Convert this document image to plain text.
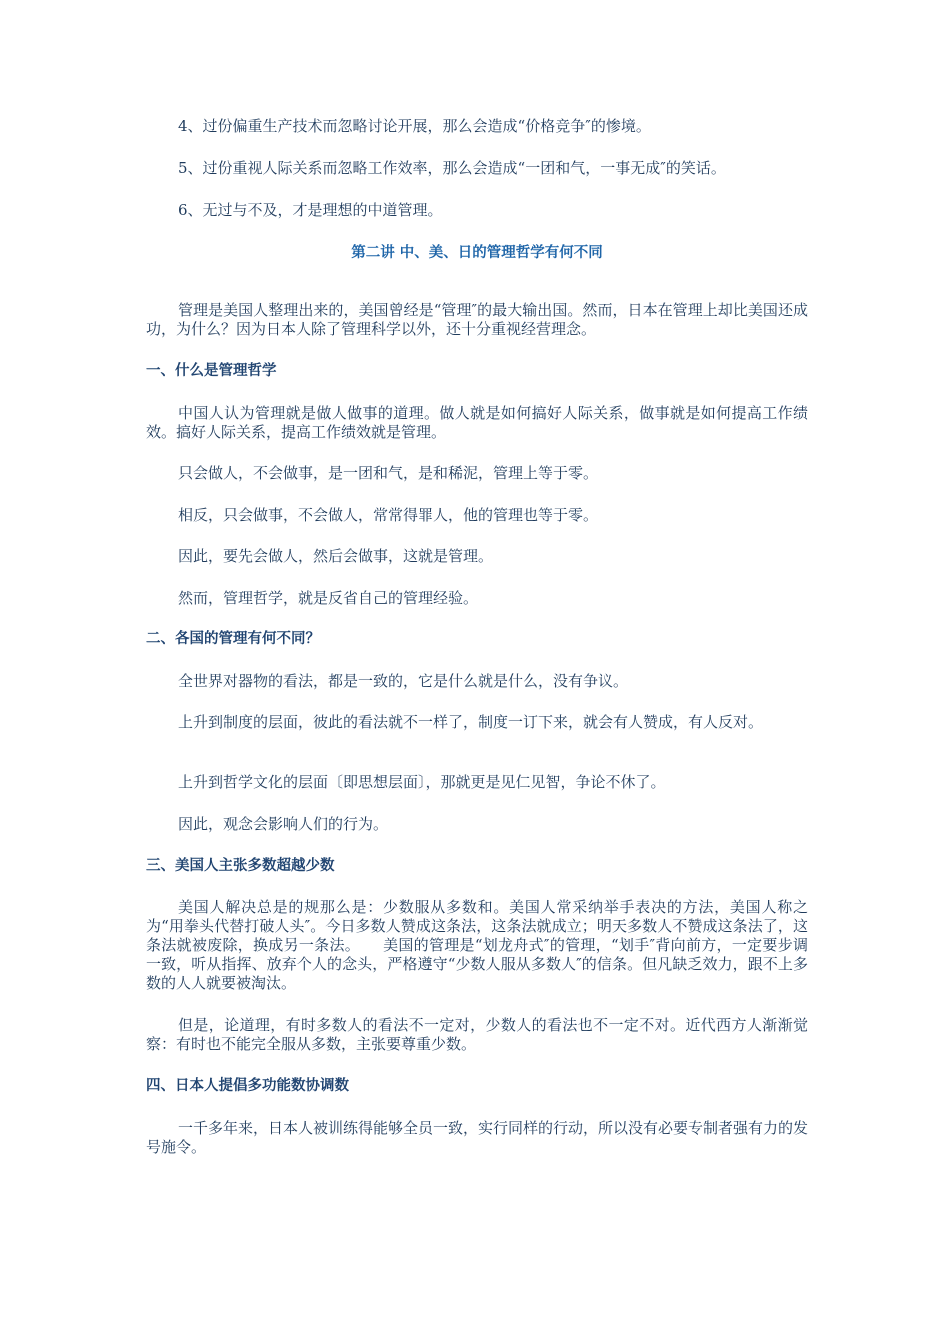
4、过份偏重生产技术而忽略讨论开展，那么会造成“价格竞争″的惨境。

5、过份重视人际关系而忽略工作效率，那么会造成“一团和气，一事无成″的笑话。

6、无过与不及，才是理想的中道管理。

第二讲 中、美、日的管理哲学有何不同

管理是美国人整理出来的，美国曾经是“管理″的最大输出国。然而，日本在管理上却比美国还成功，为什么？因为日本人除了管理科学以外，还十分重视经营理念。

一、什么是管理哲学

中国人认为管理就是做人做事的道理。做人就是如何搞好人际关系，做事就是如何提高工作绩效。搞好人际关系，提高工作绩效就是管理。

只会做人，不会做事，是一团和气，是和稀泥，管理上等于零。

相反，只会做事，不会做人，常常得罪人，他的管理也等于零。

因此，要先会做人，然后会做事，这就是管理。

然而，管理哲学，就是反省自己的管理经验。

二、各国的管理有何不同？

全世界对器物的看法，都是一致的，它是什么就是什么，没有争议。

上升到制度的层面，彼此的看法就不一样了，制度一订下来，就会有人赞成，有人反对。

上升到哲学文化的层面〔即思想层面〕，那就更是见仁见智，争论不休了。

因此，观念会影响人们的行为。

三、美国人主张多数超越少数

美国人解决总是的规那么是：少数服从多数和。美国人常采纳举手表决的方法，美国人称之为“用拳头代替打破人头″。今日多数人赞成这条法，这条法就成立；明天多数人不赞成这条法了，这条法就被废除，换成另一条法。　　美国的管理是“划龙舟式″的管理，“划手″背向前方，一定要步调一致，听从指挥、放弃个人的念头，严格遵守“少数人服从多数人″的信条。但凡缺乏效力，跟不上多数的人人就要被淘汰。

但是，论道理，有时多数人的看法不一定对，少数人的看法也不一定不对。近代西方人渐渐觉察：有时也不能完全服从多数，主张要尊重少数。

四、日本人提倡多功能数协调数

一千多年来，日本人被训练得能够全员一致，实行同样的行动，所以没有必要专制者强有力的发号施令。
